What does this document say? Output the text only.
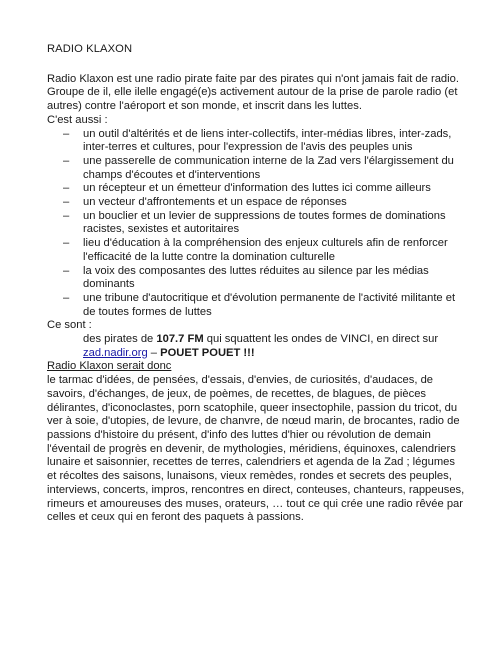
RADIO KLAXON

Radio Klaxon est une radio pirate faite par des pirates qui n'ont jamais fait de radio. Groupe de il, elle ilelle engagé(e)s activement autour de la prise de parole radio (et autres) contre l'aéroport et son monde, et inscrit dans les luttes.

C'est aussi :

– un outil d'altérités et de liens inter-collectifs, inter-médias libres, inter-zads, inter-terres et cultures, pour l'expression de l'avis des peuples unis
– une passerelle de communication interne de la Zad vers l'élargissement du champs d'écoutes et d'interventions
– un récepteur et un émetteur d'information des luttes ici comme ailleurs
– un vecteur d'affrontements et un espace de réponses
– un bouclier et un levier de suppressions de toutes formes de dominations racistes, sexistes et autoritaires
– lieu d'éducation à la compréhension des enjeux culturels afin de renforcer l'efficacité de la lutte contre la domination culturelle
– la voix des composantes des luttes réduites au silence par les médias dominants
– une tribune d'autocritique et d'évolution permanente de l'activité militante et de toutes formes de luttes

Ce sont :

des pirates de 107.7 FM qui squattent les ondes de VINCI, en direct sur
zad.nadir.org – POUET POUET !!!

Radio Klaxon serait donc

le tarmac d'idées, de pensées, d'essais, d'envies, de curiosités, d'audaces, de savoirs, d'échanges, de jeux, de poèmes, de recettes, de blagues, de pièces délirantes, d'iconoclastes, porn scatophile, queer insectophile, passion du tricot, du ver à soie, d'utopies, de levure, de chanvre, de nœud marin, de brocantes, radio de passions d'histoire du présent, d'info des luttes d'hier ou révolution de demain

l'éventail de progrès en devenir, de mythologies, méridiens, équinoxes, calendriers lunaire et saisonnier, recettes de terres, calendriers et agenda de la Zad ; légumes et récoltes des saisons, lunaisons, vieux remèdes, rondes et secrets des peuples, interviews, concerts, impros, rencontres en direct, conteuses, chanteurs, rappeuses, rimeurs et amoureuses des muses, orateurs, … tout ce qui crée une radio rêvée par celles et ceux qui en feront des paquets à passions.
